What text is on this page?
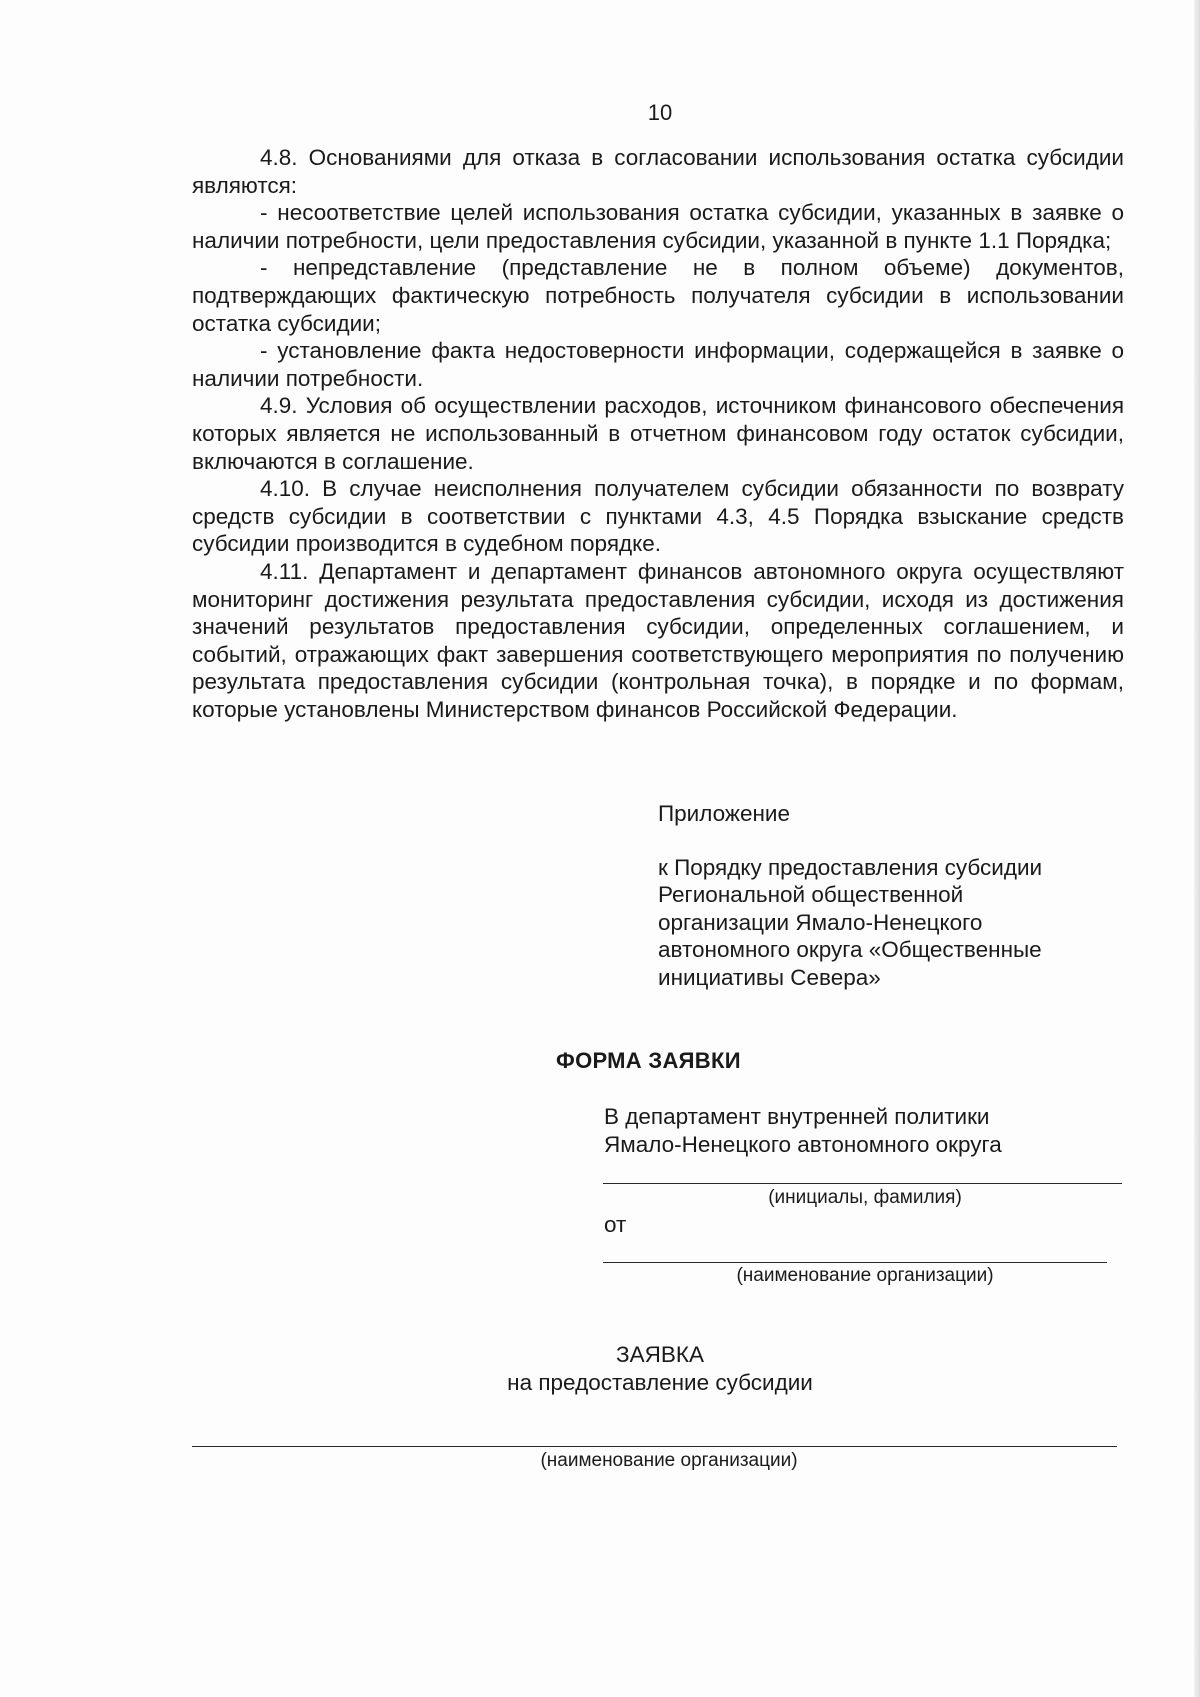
10

4.8. Основаниями для отказа в согласовании использования остатка субсидии являются:

- несоответствие целей использования остатка субсидии, указанных в заявке о наличии потребности, цели предоставления субсидии, указанной в пункте 1.1 Порядка;

- непредставление (представление не в полном объеме) документов, подтверждающих фактическую потребность получателя субсидии в использовании остатка субсидии;

- установление факта недостоверности информации, содержащейся в заявке о наличии потребности.

4.9. Условия об осуществлении расходов, источником финансового обеспечения которых является не использованный в отчетном финансовом году остаток субсидии, включаются в соглашение.

4.10. В случае неисполнения получателем субсидии обязанности по возврату средств субсидии в соответствии с пунктами 4.3, 4.5 Порядка взыскание средств субсидии производится в судебном порядке.

4.11. Департамент и департамент финансов автономного округа осуществляют мониторинг достижения результата предоставления субсидии, исходя из достижения значений результатов предоставления субсидии, определенных соглашением, и событий, отражающих факт завершения соответствующего мероприятия по получению результата предоставления субсидии (контрольная точка), в порядке и по формам, которые установлены Министерством финансов Российской Федерации.

Приложение

к Порядку предоставления субсидии

Региональной общественной

организации Ямало-Ненецкого

автономного округа «Общественные

инициативы Севера»

ФОРМА ЗАЯВКИ

В департамент внутренней политики

Ямало-Ненецкого автономного округа

(инициалы, фамилия)
от
(наименование организации)
ЗАЯВКА
на предоставление субсидии
(наименование организации)
